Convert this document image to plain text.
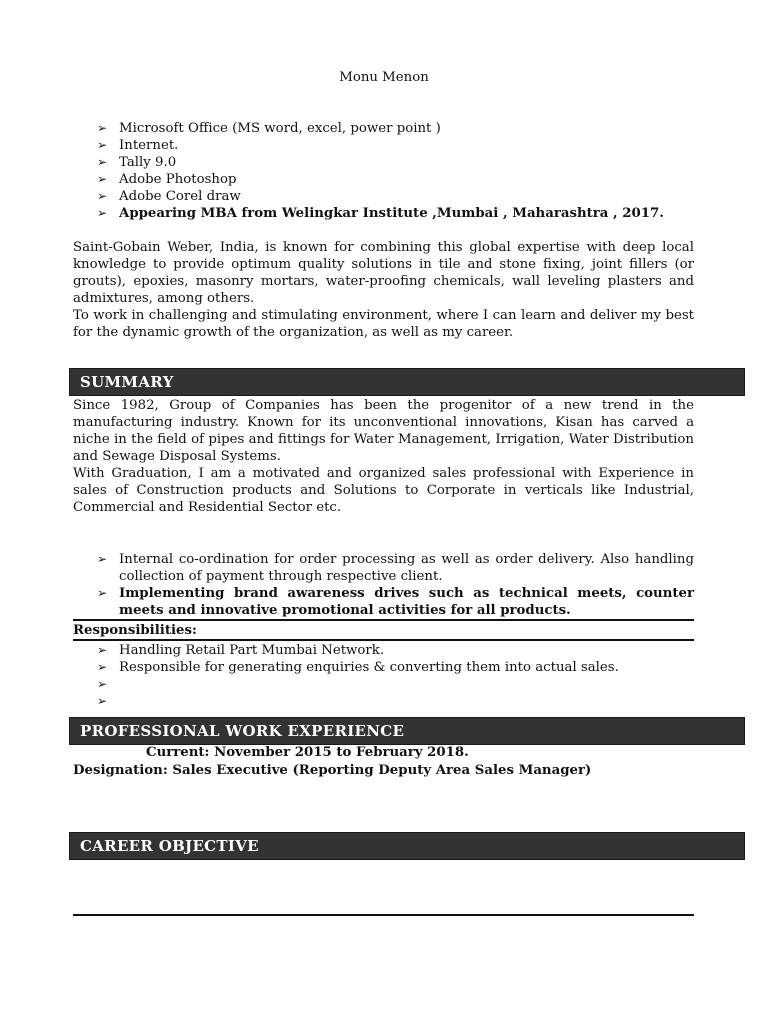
Monu Menon
➢
Microsoft Office (MS word, excel, power point )
➢
Internet.
➢
Tally 9.0
➢
Adobe Photoshop
➢
Adobe Corel draw
➢
Appearing MBA from Welingkar Institute ,Mumbai , Maharashtra , 2017.
Saint-Gobain Weber, India, is known for combining this global expertise with deep local knowledge to provide optimum quality solutions in tile and stone fixing, joint fillers (or grouts), epoxies, masonry mortars, water-proofing chemicals, wall leveling plasters and admixtures, among others.
To work in challenging and stimulating environment, where I can learn and deliver my best for the dynamic growth of the organization, as well as my career.
SUMMARY
Since 1982, Group of Companies has been the progenitor of a new trend in the manufacturing industry. Known for its unconventional innovations, Kisan has carved a niche in the field of pipes and fittings for Water Management, Irrigation, Water Distribution and Sewage Disposal Systems.
With Graduation, I am a motivated and organized sales professional with Experience in sales of Construction products and Solutions to Corporate in verticals like Industrial, Commercial and Residential Sector etc.
➢
Internal co-ordination for order processing as well as order delivery. Also handling collection of payment through respective client.
➢
Implementing brand awareness drives such as technical meets, counter meets and innovative promotional activities for all products.
Responsibilities:
➢
Handling Retail Part Mumbai Network.
➢
Responsible for generating enquiries & converting them into actual sales.
➢

➢

PROFESSIONAL WORK EXPERIENCE
Current: November 2015 to February 2018.
Designation: Sales Executive (Reporting Deputy Area Sales Manager)
CAREER OBJECTIVE
